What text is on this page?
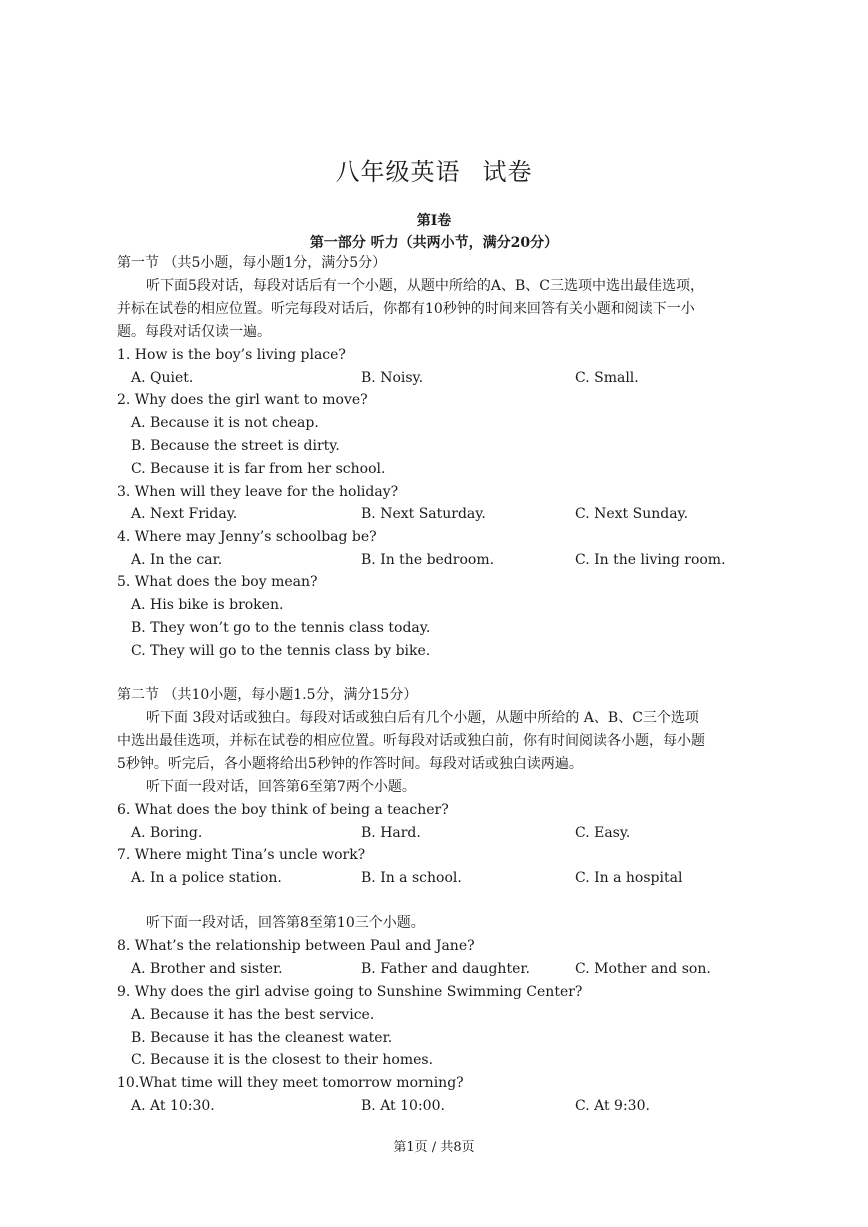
八年级英语 试卷
第I卷
第一部分 听力（共两小节，满分20分）
第一节 （共5小题，每小题1分，满分5分）
听下面5段对话，每段对话后有一个小题，从题中所给的A、B、C三选项中选出最佳选项，
并标在试卷的相应位置。听完每段对话后，你都有10秒钟的时间来回答有关小题和阅读下一小
题。每段对话仅读一遍。
1. How is the boy’s living place?
A. Quiet.	B. Noisy.	C. Small.
2. Why does the girl want to move?
A. Because it is not cheap.
B. Because the street is dirty.
C. Because it is far from her school.
3. When will they leave for the holiday?
A. Next Friday.	B. Next Saturday.	C. Next Sunday.
4. Where may Jenny’s schoolbag be?
A. In the car.	B. In the bedroom.	C. In the living room.
5. What does the boy mean?
A. His bike is broken.
B. They won’t go to the tennis class today.
C. They will go to the tennis class by bike.
第二节 （共10小题，每小题1.5分，满分15分）
听下面 3段对话或独白。每段对话或独白后有几个小题，从题中所给的 A、B、C三个选项
中选出最佳选项，并标在试卷的相应位置。听每段对话或独白前，你有时间阅读各小题，每小题
5秒钟。听完后，各小题将给出5秒钟的作答时间。每段对话或独白读两遍。
听下面一段对话，回答第6至第7两个小题。
6. What does the boy think of being a teacher?
A. Boring.	B. Hard.	C. Easy.
7. Where might Tina’s uncle work?
A. In a police station.	B. In a school.	C. In a hospital
听下面一段对话，回答第8至第10三个小题。
8. What’s the relationship between Paul and Jane?
A. Brother and sister.	B. Father and daughter.	C. Mother and son.
9. Why does the girl advise going to Sunshine Swimming Center?
A. Because it has the best service.
B. Because it has the cleanest water.
C. Because it is the closest to their homes.
10.What time will they meet tomorrow morning?
A. At 10:30.	B. At 10:00.	C. At 9:30.
第1页 / 共8页
